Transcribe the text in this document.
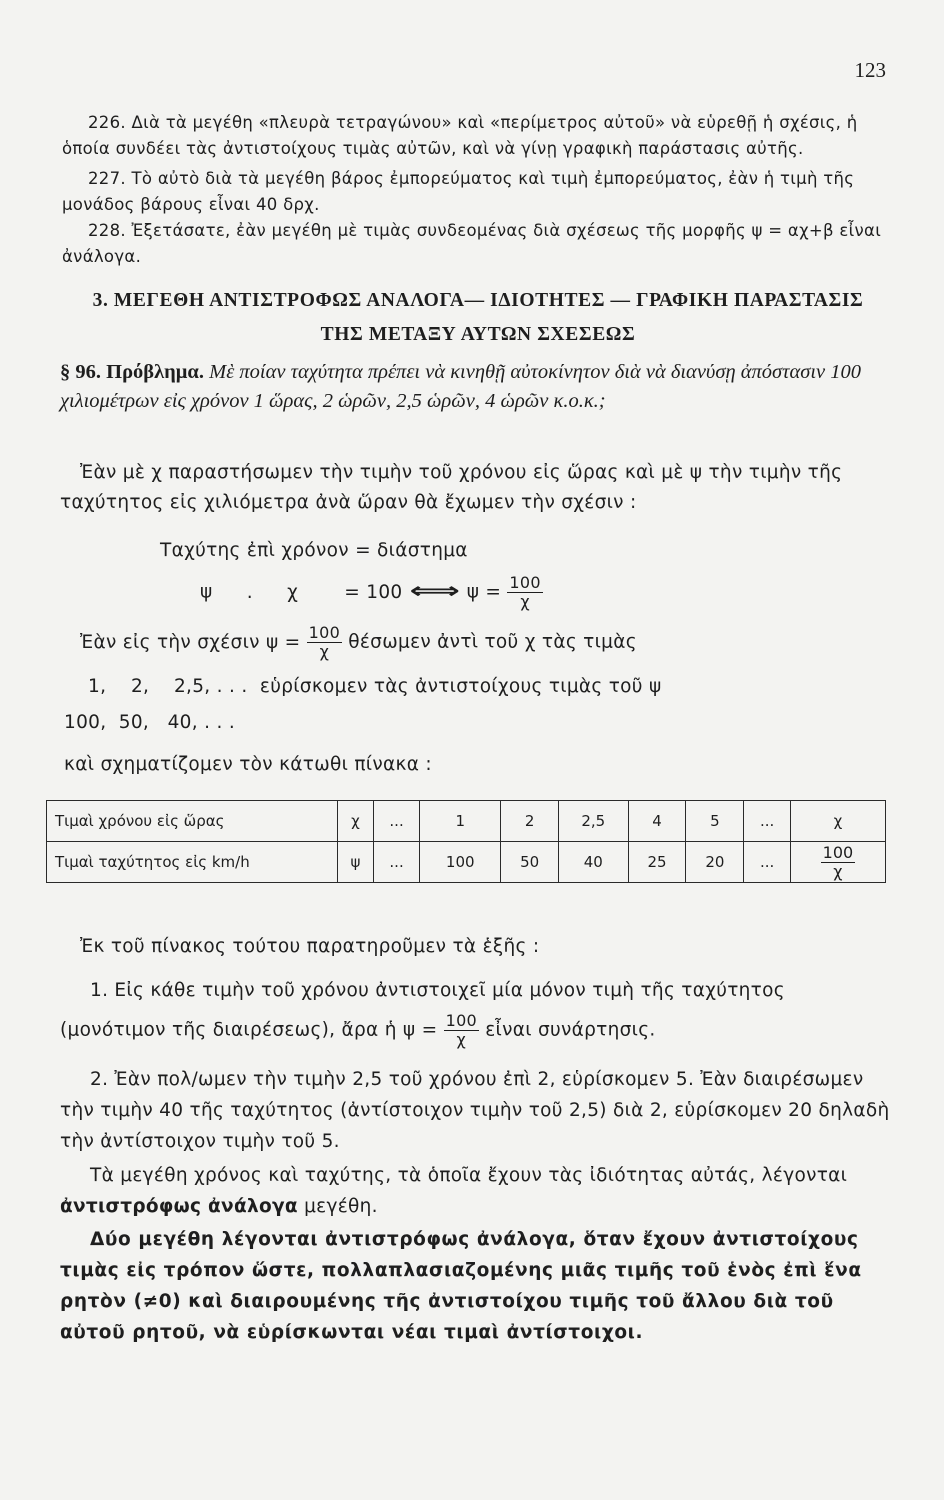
123
226. Διὰ τὰ μεγέθη «πλευρὰ τετραγώνου» καὶ «περίμετρος αὐτοῦ» νὰ εὑρεθῇ ἡ σχέσις, ἡ ὁποία συνδέει τὰς ἀντιστοίχους τιμὰς αὐτῶν, καὶ νὰ γίνῃ γραφικὴ παράστασις αὐτῆς.
227. Τὸ αὐτὸ διὰ τὰ μεγέθη βάρος ἐμπορεύματος καὶ τιμὴ ἐμπορεύματος, ἐὰν ἡ τιμὴ τῆς μονάδος βάρους εἶναι 40 δρχ.
228. Ἐξετάσατε, ἐὰν μεγέθη μὲ τιμὰς συνδεομένας διὰ σχέσεως τῆς μορφῆς ψ = αχ+β εἶναι ἀνάλογα.
3. ΜΕΓΕΘΗ ΑΝΤΙΣΤΡΟΦΩΣ ΑΝΑΛΟΓΑ— ΙΔΙΟΤΗΤΕΣ — ΓΡΑΦΙΚΗ ΠΑΡΑΣΤΑΣΙΣ
ΤΗΣ ΜΕΤΑΞΥ ΑΥΤΩΝ ΣΧΕΣΕΩΣ
§ 96. Πρόβλημα. Μὲ ποίαν ταχύτητα πρέπει νὰ κινηθῇ αὐτοκίνητον διὰ νὰ διανύσῃ ἀπόστασιν 100 χιλιομέτρων εἰς χρόνον 1 ὥρας, 2 ὡρῶν, 2,5 ὡρῶν, 4 ὡρῶν κ.ο.κ.;
Ἐὰν μὲ χ παραστήσωμεν τὴν τιμὴν τοῦ χρόνου εἰς ὥρας καὶ μὲ ψ τὴν τιμὴν τῆς ταχύτητος εἰς χιλιόμετρα ἀνὰ ὥραν θὰ ἔχωμεν τὴν σχέσιν :
Ταχύτης ἐπὶ χρόνον = διάστημα
ψ . χ = 100 ⟺ $\psi = \frac{100}{\chi}$
Ἐὰν εἰς τὴν σχέσιν $\psi = \frac{100}{\chi}$ θέσωμεν ἀντὶ τοῦ χ τὰς τιμὰς
1,    2,    2,5, . . .  εὑρίσκομεν τὰς ἀντιστοίχους τιμὰς τοῦ ψ
100,  50,   40, . . .
καὶ σχηματίζομεν τὸν κάτωθι πίνακα :
Τιμαὶ χρόνου εἰς ὥρας	χ	...	1	2	2,5	4	5	...	χ
Τιμαὶ ταχύτητος εἰς km/h	ψ	...	100	50	40	25	20	...	$\frac{100}{\chi}$
Ἐκ τοῦ πίνακος τούτου παρατηροῦμεν τὰ ἑξῆς :
1. Εἰς κάθε τιμὴν τοῦ χρόνου ἀντιστοιχεῖ μία μόνον τιμὴ τῆς ταχύτητος
(μονότιμον τῆς διαιρέσεως), ἄρα ἡ $\psi = \frac{100}{\chi}$ εἶναι συνάρτησις.
2. Ἐὰν πολ/ωμεν τὴν τιμὴν 2,5 τοῦ χρόνου ἐπὶ 2, εὑρίσκομεν 5. Ἐὰν διαιρέσωμεν τὴν τιμὴν 40 τῆς ταχύτητος (ἀντίστοιχον τιμὴν τοῦ 2,5) διὰ 2, εὑρίσκομεν 20 δηλαδὴ τὴν ἀντίστοιχον τιμὴν τοῦ 5.
Τὰ μεγέθη χρόνος καὶ ταχύτης, τὰ ὁποῖα ἔχουν τὰς ἰδιότητας αὐτάς, λέγονται ἀντιστρόφως ἀνάλογα μεγέθη.
Δύο μεγέθη λέγονται ἀντιστρόφως ἀνάλογα, ὅταν ἔχουν ἀντιστοίχους τιμὰς εἰς τρόπον ὥστε, πολλαπλασιαζομένης μιᾶς τιμῆς τοῦ ἑνὸς ἐπὶ ἕνα ρητὸν (≠0) καὶ διαιρουμένης τῆς ἀντιστοίχου τιμῆς τοῦ ἄλλου διὰ τοῦ αὐτοῦ ρητοῦ, νὰ εὑρίσκωνται νέαι τιμαὶ ἀντίστοιχοι.
